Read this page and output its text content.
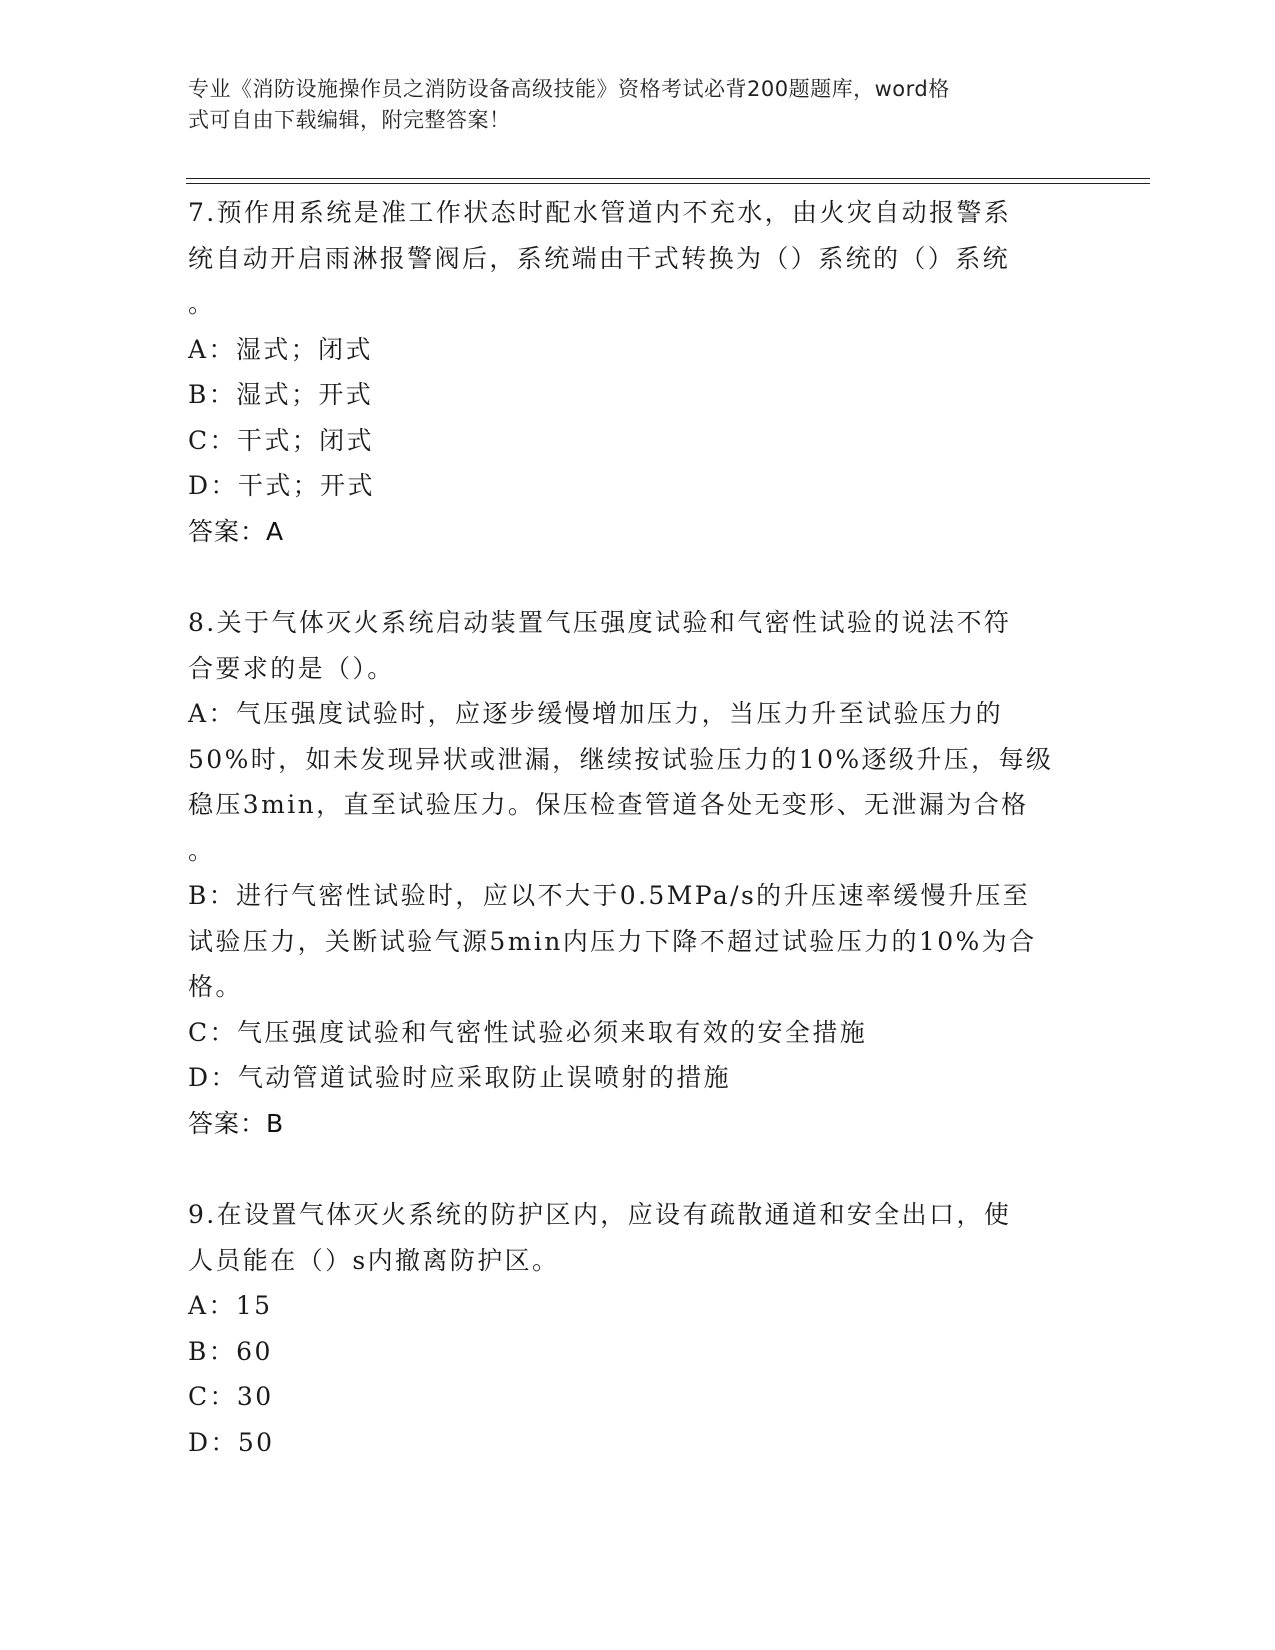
专业《消防设施操作员之消防设备高级技能》资格考试必背200题题库，word格
式可自由下载编辑，附完整答案！
7.预作用系统是准工作状态时配水管道内不充水，由火灾自动报警系
统自动开启雨淋报警阀后，系统端由干式转换为（）系统的（）系统
。
A：湿式；闭式
B：湿式；开式
C：干式；闭式
D：干式；开式
答案：A
8.关于气体灭火系统启动装置气压强度试验和气密性试验的说法不符
合要求的是（）。
A：气压强度试验时，应逐步缓慢增加压力，当压力升至试验压力的
50%时，如未发现异状或泄漏，继续按试验压力的10%逐级升压，每级
稳压3min，直至试验压力。保压检查管道各处无变形、无泄漏为合格
。
B：进行气密性试验时，应以不大于0.5MPa/s的升压速率缓慢升压至
试验压力，关断试验气源5min内压力下降不超过试验压力的10%为合
格。
C：气压强度试验和气密性试验必须来取有效的安全措施
D：气动管道试验时应采取防止误喷射的措施
答案：B
9.在设置气体灭火系统的防护区内，应设有疏散通道和安全出口，使
人员能在（）s内撤离防护区。
A：15
B：60
C：30
D：50
